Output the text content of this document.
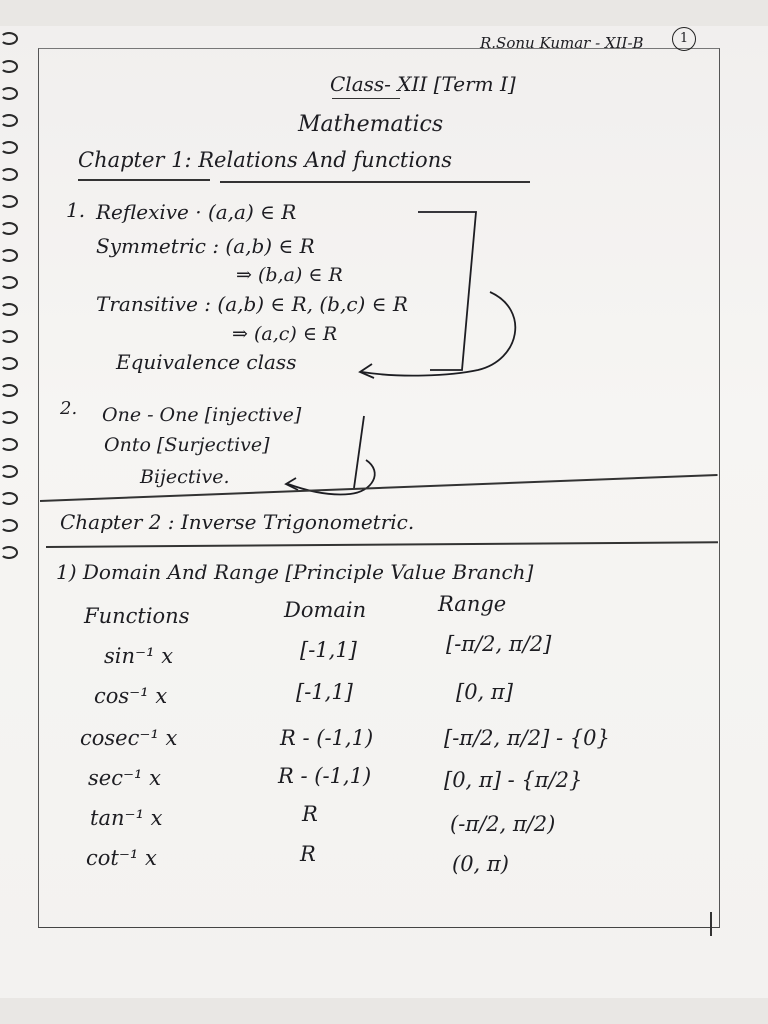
R.Sonu Kumar - XII-B	1
Class- XII [Term I]
Mathematics
Chapter 1: Relations And functions
1. Reflexive · (a,a) ∈ R
Symmetric : (a,b) ∈ R
⇒ (b,a) ∈ R
Transitive : (a,b) ∈ R, (b,c) ∈ R
⇒ (a,c) ∈ R
Equivalence class
2. One - One [injective]
Onto [Surjective]
Bijective.
Chapter 2 : Inverse Trigonometric.
1) Domain And Range [Principle Value Branch]
Functions	Domain	Range
sin⁻¹ x	[-1,1]	[-π/2, π/2]
cos⁻¹ x	[-1,1]	[0, π]
cosec⁻¹ x	R - (-1,1)	[-π/2, π/2] - {0}
sec⁻¹ x	R - (-1,1)	[0, π] - {π/2}
tan⁻¹ x	R	(-π/2, π/2)
cot⁻¹ x	R	(0, π)
